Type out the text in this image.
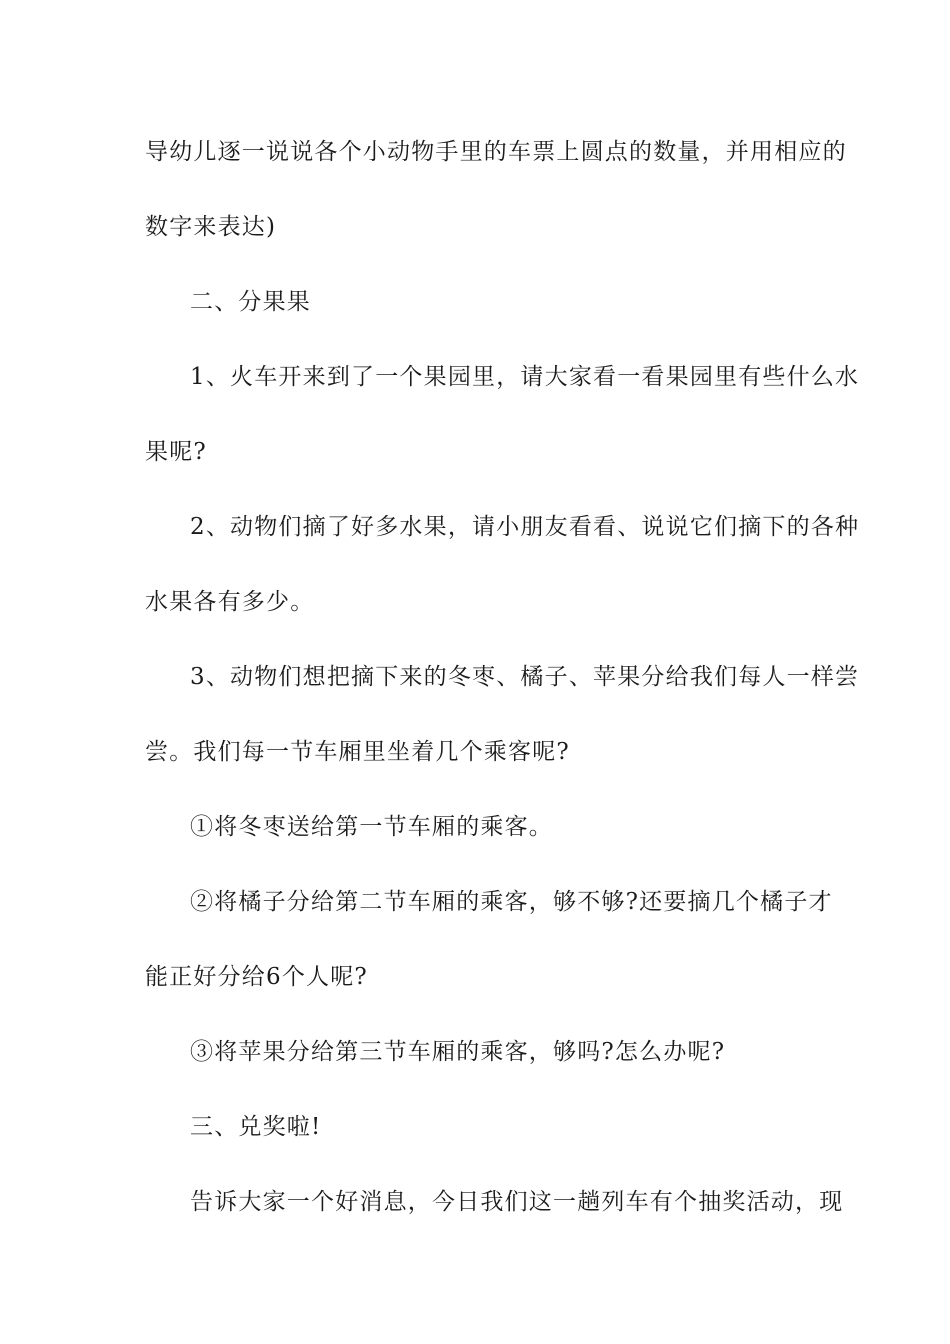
导幼儿逐一说说各个小动物手里的车票上圆点的数量，并用相应的
数字来表达)
二、分果果
1、火车开来到了一个果园里，请大家看一看果园里有些什么水
果呢?
2、动物们摘了好多水果，请小朋友看看、说说它们摘下的各种
水果各有多少。
3、动物们想把摘下来的冬枣、橘子、苹果分给我们每人一样尝
尝。我们每一节车厢里坐着几个乘客呢?
①将冬枣送给第一节车厢的乘客。
②将橘子分给第二节车厢的乘客，够不够?还要摘几个橘子才
能正好分给6个人呢?
③将苹果分给第三节车厢的乘客，够吗?怎么办呢?
三、兑奖啦!
告诉大家一个好消息，今日我们这一趟列车有个抽奖活动，现
